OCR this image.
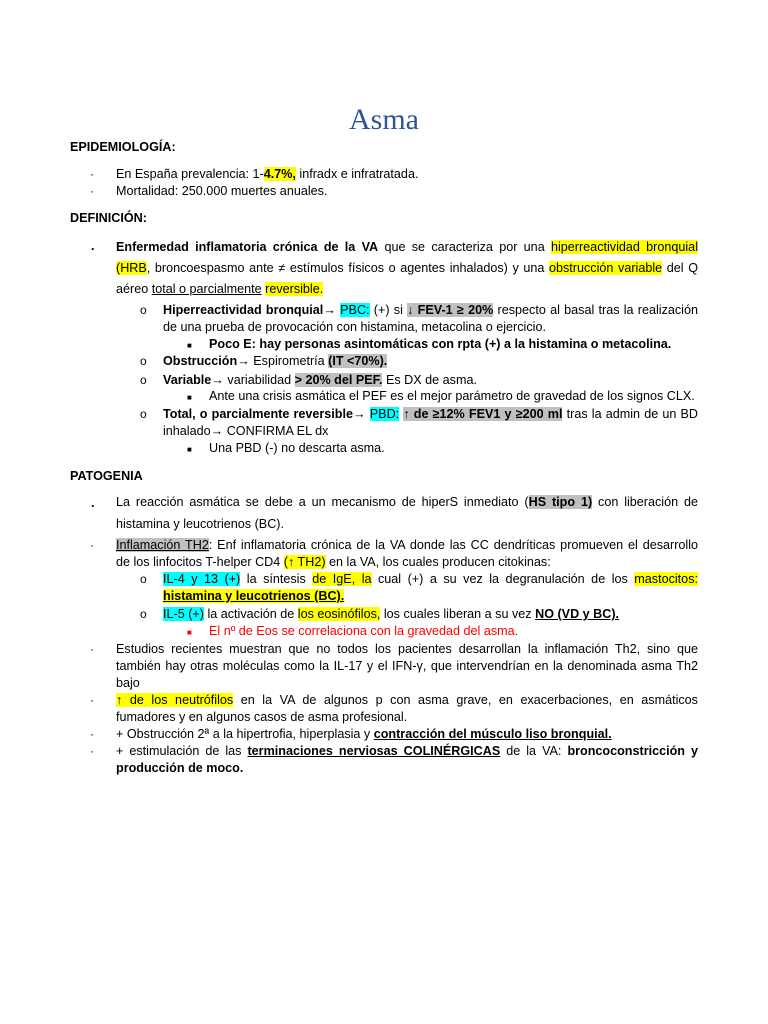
Asma
EPIDEMIOLOGÍA:
· En España prevalencia: 1-4.7%, infradx e infratratada.
· Mortalidad: 250.000 muertes anuales.
DEFINICIÓN:
. Enfermedad inflamatoria crónica de la VA que se caracteriza por una hiperreactividad bronquial
(HRB, broncoespasmo ante ≠ estímulos físicos o agentes inhalados) y una obstrucción variable del Q
aéreo total o parcialmente reversible.
o Hiperreactividad bronquial→ PBC: (+) si ↓ FEV-1 ≥ 20% respecto al basal tras la realización
de una prueba de provocación con histamina, metacolina o ejercicio.
■ Poco E: hay personas asintomáticas con rpta (+) a la histamina o metacolina.
o Obstrucción→ Espirometría (IT <70%).
o Variable→ variabilidad > 20% del PEF. Es DX de asma.
■ Ante una crisis asmática el PEF es el mejor parámetro de gravedad de los signos CLX.
o Total, o parcialmente reversible→ PBD: ↑ de ≥12% FEV1 y ≥200 ml tras la admin de un BD
inhalado→ CONFIRMA EL dx
■ Una PBD (-) no descarta asma.
PATOGENIA
. La reacción asmática se debe a un mecanismo de hiperS inmediato (HS tipo 1) con liberación de
histamina y leucotrienos (BC).
· Inflamación TH2: Enf inflamatoria crónica de la VA donde las CC dendríticas promueven el desarrollo
de los linfocitos T-helper CD4 (↑ TH2) en la VA, los cuales producen citokinas:
o IL-4 y 13 (+) la síntesis de IgE, la cual (+) a su vez la degranulación de los mastocitos:
histamina y leucotrienos (BC).
o IL-5 (+) la activación de los eosinófilos, los cuales liberan a su vez NO (VD y BC).
■ El nº de Eos se correlaciona con la gravedad del asma.
· Estudios recientes muestran que no todos los pacientes desarrollan la inflamación Th2, sino que
también hay otras moléculas como la IL-17 y el IFN-γ, que intervendrían en la denominada asma Th2
bajo
· ↑ de los neutrófilos en la VA de algunos p con asma grave, en exacerbaciones, en asmáticos
fumadores y en algunos casos de asma profesional.
· + Obstrucción 2ª a la hipertrofia, hiperplasia y contracción del músculo liso bronquial.
· + estimulación de las terminaciones nerviosas COLINÉRGICAS de la VA: broncoconstricción y
producción de moco.
